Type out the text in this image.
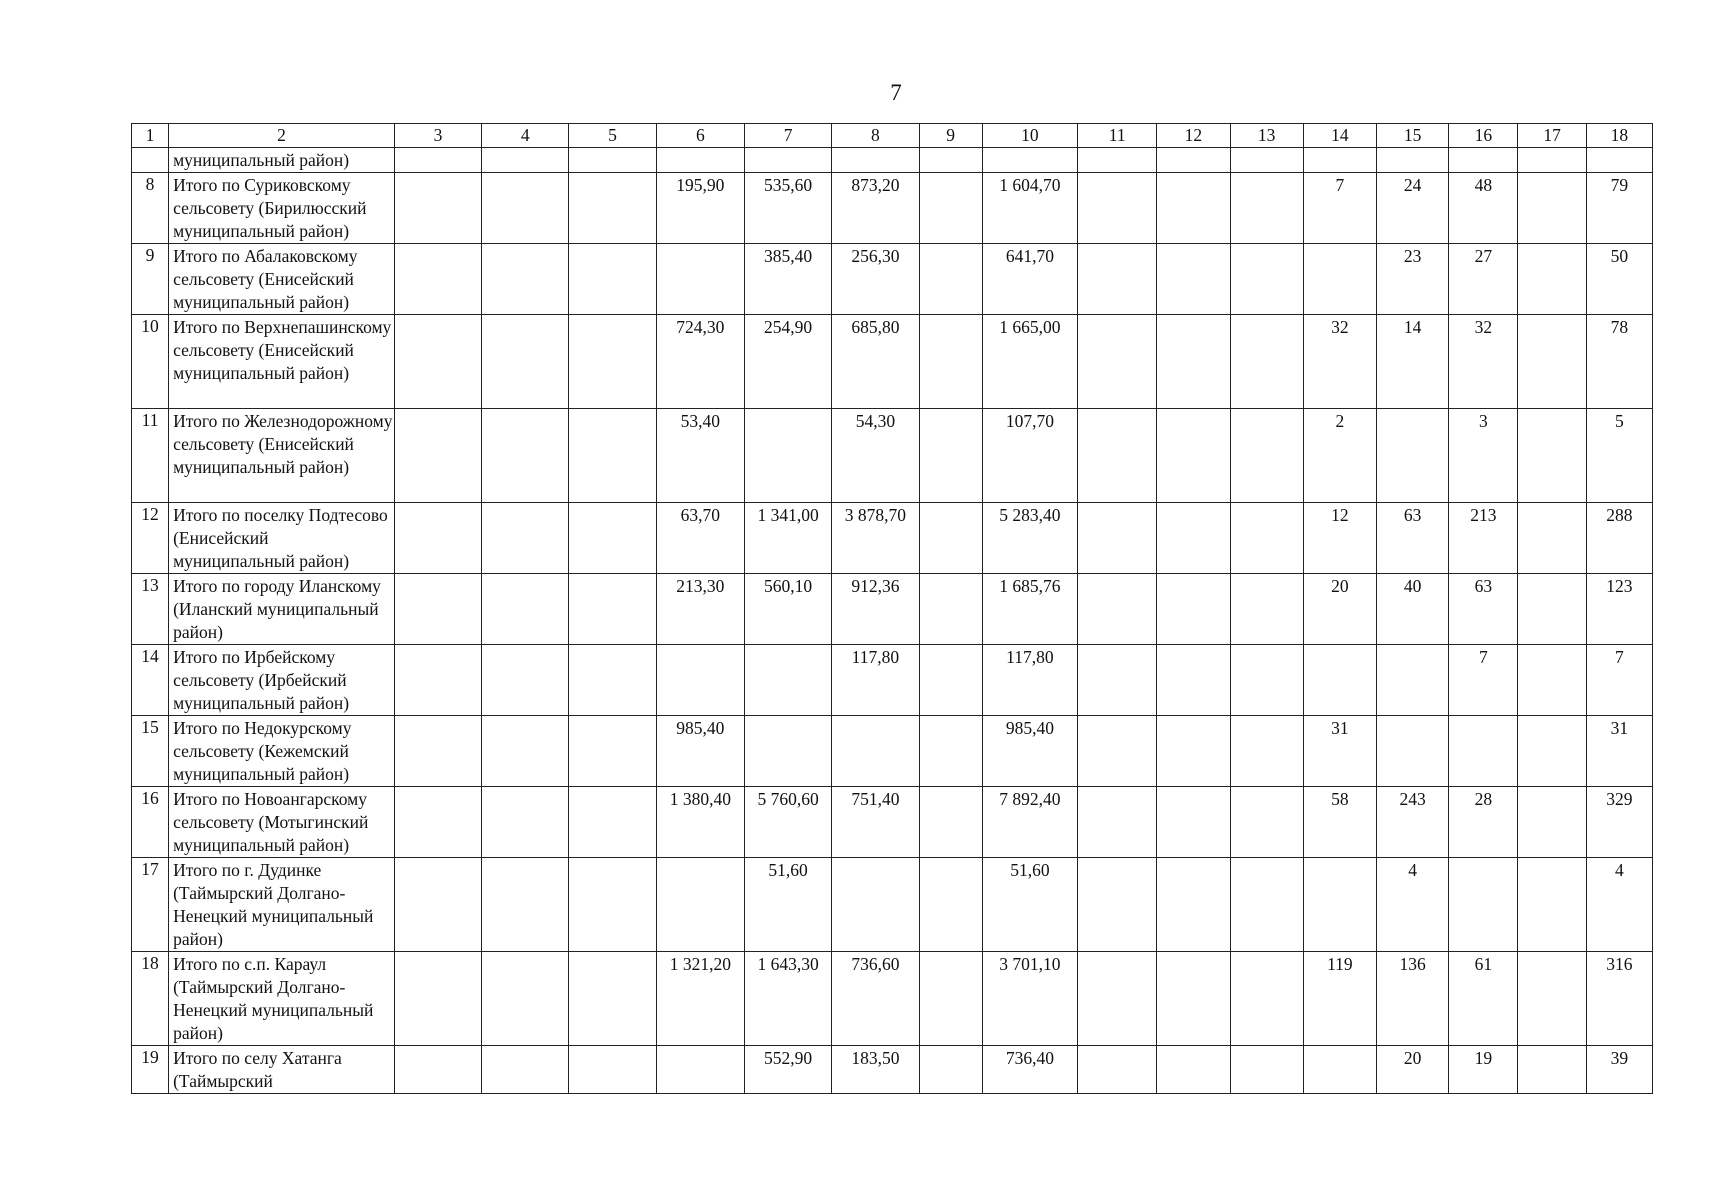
7
1	2	3	4	5	6	7	8	9	10	11	12	13	14	15	16	17	18
	муниципальный район)																
8	Итого по Суриковскому сельсовету (Бирилюсский муниципальный район)				195,90	535,60	873,20		1 604,70				7	24	48		79
9	Итого по Абалаковскому сельсовету (Енисейский муниципальный район)					385,40	256,30		641,70					23	27		50
10	Итого по Верхнепашинскому сельсовету (Енисейский муниципальный район)				724,30	254,90	685,80		1 665,00				32	14	32		78
11	Итого по Железнодорожному сельсовету (Енисейский муниципальный район)				53,40		54,30		107,70				2		3		5
12	Итого по поселку Подтесово (Енисейский муниципальный район)				63,70	1 341,00	3 878,70		5 283,40				12	63	213		288
13	Итого по городу Иланскому (Иланский муниципальный район)				213,30	560,10	912,36		1 685,76				20	40	63		123
14	Итого по Ирбейскому сельсовету (Ирбейский муниципальный район)						117,80		117,80						7		7
15	Итого по Недокурскому сельсовету (Кежемский муниципальный район)				985,40				985,40				31				31
16	Итого по Новоангарскому сельсовету (Мотыгинский муниципальный район)				1 380,40	5 760,60	751,40		7 892,40				58	243	28		329
17	Итого по г. Дудинке (Таймырский Долгано-Ненецкий муниципальный район)					51,60			51,60					4			4
18	Итого по с.п. Караул (Таймырский Долгано-Ненецкий муниципальный район)				1 321,20	1 643,30	736,60		3 701,10				119	136	61		316
19	Итого по селу Хатанга (Таймырский					552,90	183,50		736,40					20	19		39
